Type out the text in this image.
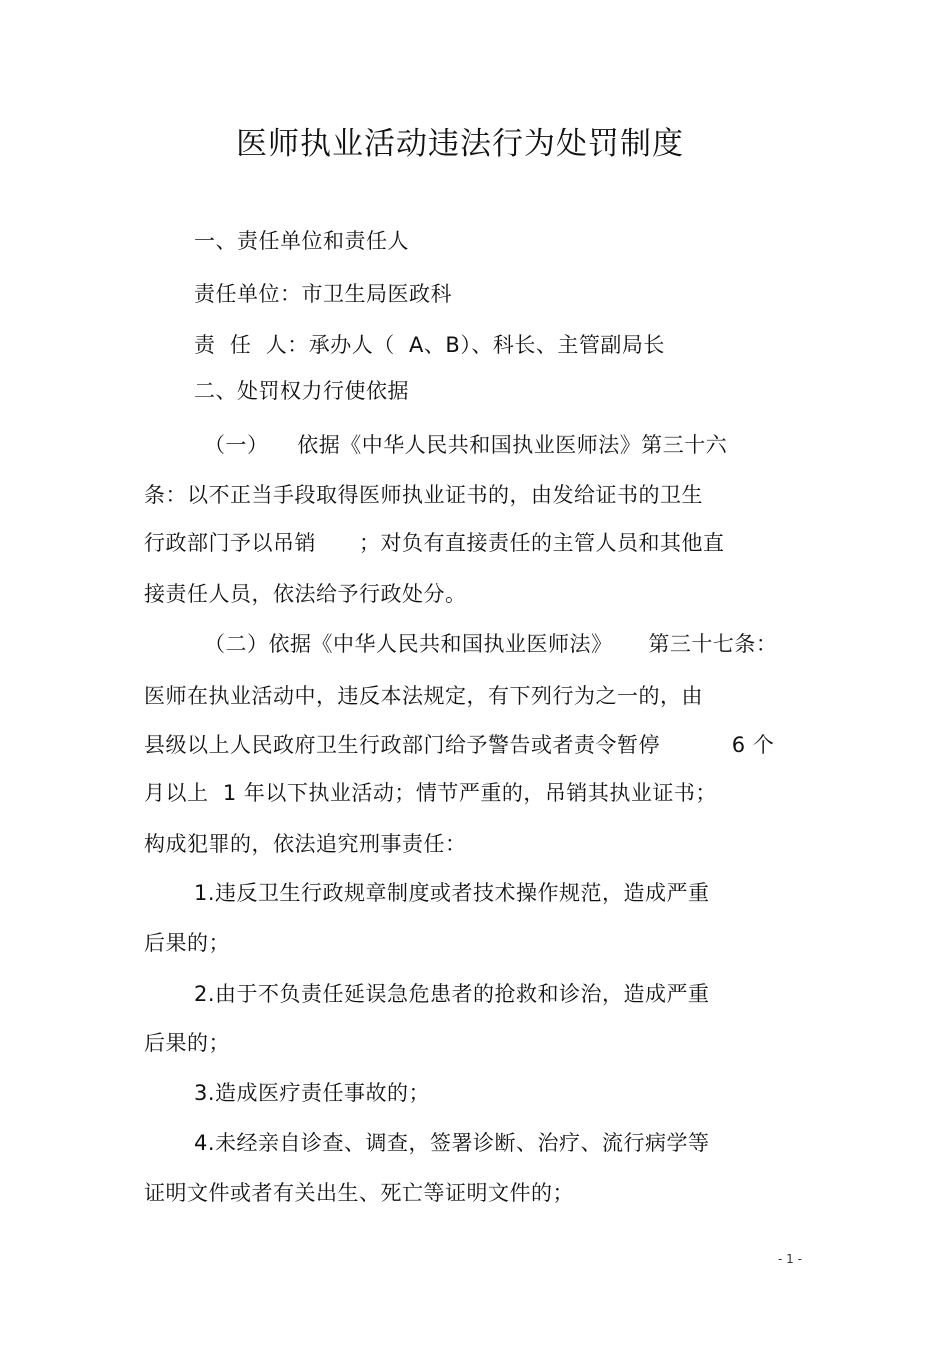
医师执业活动违法行为处罚制度
一、责任单位和责任人
责任单位：市卫生局医政科
责  任  人：承办人（  A、B）、科长、主管副局长
二、处罚权力行使依据
（一）    依据《中华人民共和国执业医师法》第三十六
条：以不正当手段取得医师执业证书的，由发给证书的卫生
行政部门予以吊销      ；对负有直接责任的主管人员和其他直
接责任人员，依法给予行政处分。
（二）依据《中华人民共和国执业医师法》     第三十七条：
医师在执业活动中，违反本法规定，有下列行为之一的，由
县级以上人民政府卫生行政部门给予警告或者责令暂停          6 个
月以上  1 年以下执业活动；情节严重的，吊销其执业证书；
构成犯罪的，依法追究刑事责任：
1.违反卫生行政规章制度或者技术操作规范，造成严重
后果的；
2.由于不负责任延误急危患者的抢救和诊治，造成严重
后果的；
3.造成医疗责任事故的；
4.未经亲自诊查、调查，签署诊断、治疗、流行病学等
证明文件或者有关出生、死亡等证明文件的；
- 1 -
